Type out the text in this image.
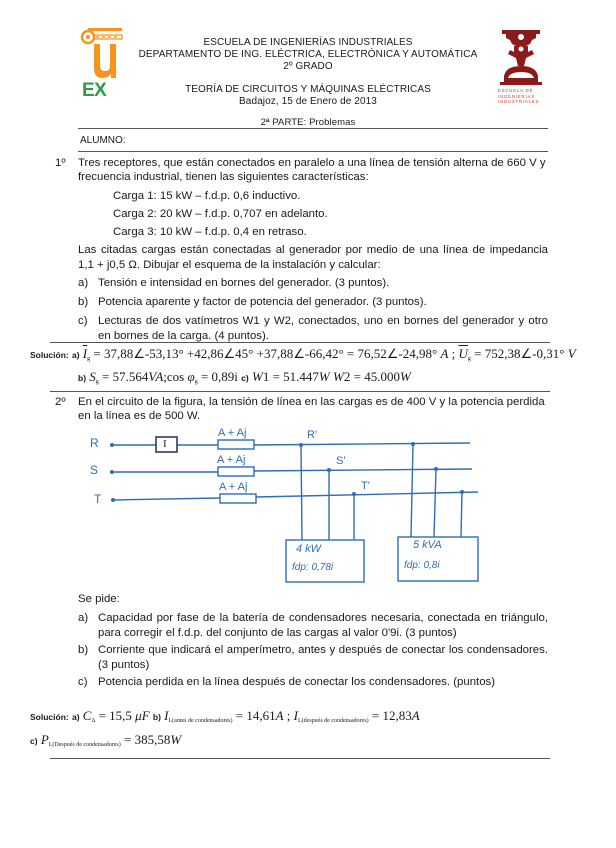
EX	ESCUELA DE
INGENIERÍAS
INDUSTRIALES
ESCUELA DE INGENIERÍAS INDUSTRIALES
DEPARTAMENTO DE ING. ELÉCTRICA, ELECTRÓNICA Y AUTOMÁTICA
2º GRADO
TEORÍA DE CIRCUITOS Y MÁQUINAS ELÉCTRICAS
Badajoz, 15 de Enero de 2013
2ª PARTE: Problemas
ALUMNO:
1º Tres receptores, que están conectados en paralelo a una línea de tensión alterna de 660 V y
frecuencia industrial, tienen las siguientes características:
Carga 1: 15 kW – f.d.p. 0,6 inductivo.
Carga 2: 20 kW – f.d.p. 0,707 en adelanto.
Carga 3: 10 kW – f.d.p. 0,4 en retraso.
Las citadas cargas están conectadas al generador por medio de una línea de impedancia 1,1 + j0,5 Ω. Dibujar el esquema de la instalación y calcular:
a) Tensión e intensidad en bornes del generador. (3 puntos).
b) Potencia aparente y factor de potencia del generador. (3 puntos).
c) Lecturas de dos vatímetros W1 y W2, conectados, uno en bornes del generador y otro en bornes de la carga. (4 puntos).
Solución: a) $\overline{I}_g$ = 37,88∠-53,13° +42,86∠45° +37,88∠-66,42° = 76,52∠-24,98° A ; $\overline{U}_g$ = 752,38∠-0,31° V
b) $S_g$ = 57.564VA;cos $\varphi_g = 0,89i$ c) W1 = 51.447W W2 = 45.000W
2º En el circuito de la figura, la tensión de línea en las cargas es de 400 V y la potencia perdida
en la línea es de 500 W.
R
S
T
I
A + Aj
A + Aj
A + Aj
R'
S'
T'
4 kW
fdp: 0,78i
5 kVA
fdp: 0,8i
Se pide:
a) Capacidad por fase de la batería de condensadores necesaria, conectada en triángulo, para corregir el f.d.p. del conjunto de las cargas al valor 0'9i. (3 puntos)
b) Corriente que indicará el amperímetro, antes y después de conectar los condensadores. (3 puntos)
c) Potencia perdida en la línea después de conectar los condensadores. (puntos)
Solución: a) $C_\Delta = 15,5$ μF b) $I_{L(antes de condensadores)} = 14,61A$ ; $I_{L(después de condensadores)} = 12,83A$
c) $P_{L(Después de condensadores)} = 385,58W$
